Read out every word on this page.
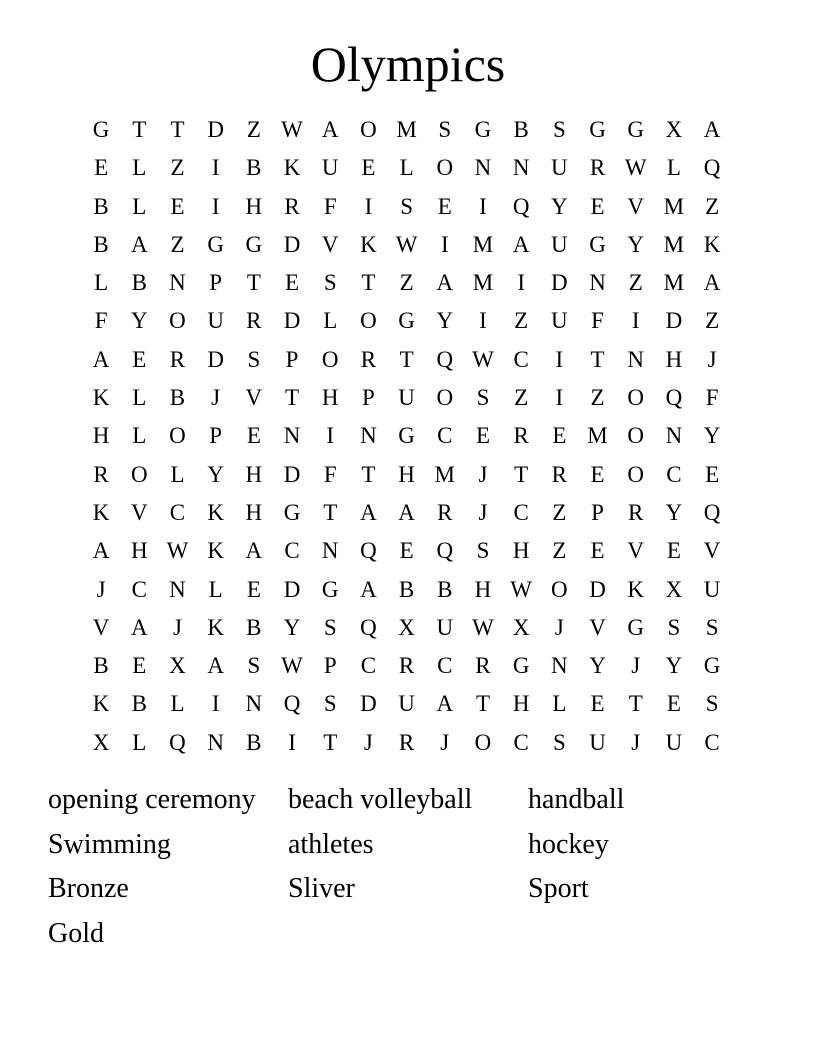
Olympics
G T	T D Z W A O M S	G B	S	G G X A
E	L	Z	I	B K U E	L O N N U R W L Q
B	L	E	I	H R	F	I	S	E	I	Q Y E V M Z
B A Z G G D V K W	I	M A U G Y M K
L	B N	P	T	E	S	T	Z A M	I	D N Z M A
F	Y O U R D L O G Y	I	Z U	F	I	D Z
A E	R D	S	P	O R	T Q W C	I	T N H	J
K L	B	J	V T H	P	U O	S	Z	I	Z O Q	F
H L O	P	E N	I	N G C	E	R	E M O N Y
R O L Y H D	F	T H M	J	T	R	E O C	E
K V C K H G T A A R	J	C	Z	P	R Y Q
A H W K A C N Q E Q	S	H Z	E V E V
J	C N L	E D G A B B H W O D K X U
V A	J	K B Y	S	Q X U W X	J	V G	S	S
B	E X A	S W P	C R C R G N Y	J	Y G
K B	L	I	N Q	S	D U A T H L	E	T	E	S
X L Q N B	I	T	J	R	J	O C	S	U	J	U C
opening ceremony	beach volleyball	handball
Swimming	athletes	hockey
Bronze	Sliver	Sport
Gold
